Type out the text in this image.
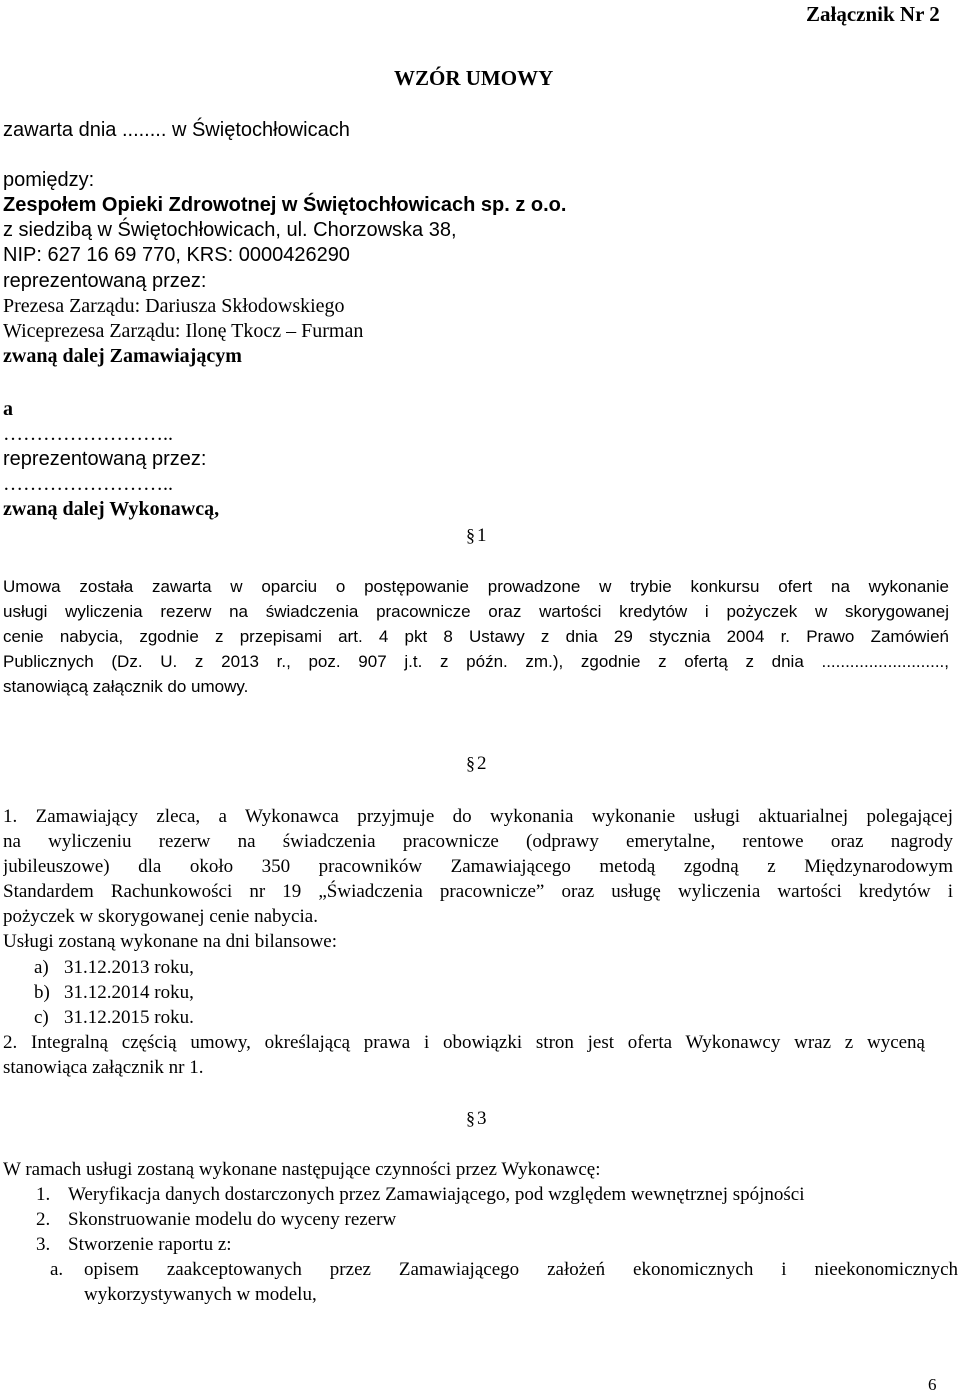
Załącznik Nr 2
WZÓR UMOWY
zawarta dnia ........ w Świętochłowicach
pomiędzy:
Zespołem Opieki Zdrowotnej w Świętochłowicach sp. z o.o.
z siedzibą w Świętochłowicach, ul. Chorzowska 38,
NIP: 627 16 69 770, KRS: 0000426290
reprezentowaną przez:
Prezesa Zarządu: Dariusza Skłodowskiego
Wiceprezesa Zarządu: Ilonę Tkocz – Furman
zwaną dalej Zamawiającym
a
……………………..
reprezentowaną przez:
……………………..
zwaną dalej Wykonawcą,
§ 1
Umowa została zawarta w oparciu o postępowanie prowadzone w trybie konkursu ofert na wykonanie
usługi wyliczenia rezerw na świadczenia pracownicze oraz wartości kredytów i pożyczek w skorygowanej
cenie nabycia, zgodnie z przepisami art. 4 pkt 8 Ustawy z dnia 29 stycznia 2004 r. Prawo Zamówień
Publicznych (Dz. U. z 2013 r., poz. 907 j.t. z późn. zm.), zgodnie z ofertą z dnia ..........................,
stanowiącą załącznik do umowy.
§ 2
1. Zamawiający zleca, a Wykonawca przyjmuje do wykonania wykonanie usługi aktuarialnej polegającej
na wyliczeniu rezerw na świadczenia pracownicze (odprawy emerytalne, rentowe oraz nagrody
jubileuszowe) dla około 350 pracowników Zamawiającego metodą zgodną z Międzynarodowym
Standardem Rachunkowości nr 19 „Świadczenia pracownicze” oraz usługę wyliczenia wartości kredytów i
pożyczek w skorygowanej cenie nabycia.
Usługi zostaną wykonane na dni bilansowe:
a) 31.12.2013 roku,
b) 31.12.2014 roku,
c) 31.12.2015 roku.
2. Integralną częścią umowy, określającą prawa i obowiązki stron jest oferta Wykonawcy wraz z wyceną
stanowiąca załącznik nr 1.
§ 3
W ramach usługi zostaną wykonane następujące czynności przez Wykonawcę:
1. Weryfikacja danych dostarczonych przez Zamawiającego, pod względem wewnętrznej spójności
2. Skonstruowanie modelu do wyceny rezerw
3. Stworzenie raportu z:
a. opisem zaakceptowanych przez Zamawiającego założeń ekonomicznych i nieekonomicznych
wykorzystywanych w modelu,
6
